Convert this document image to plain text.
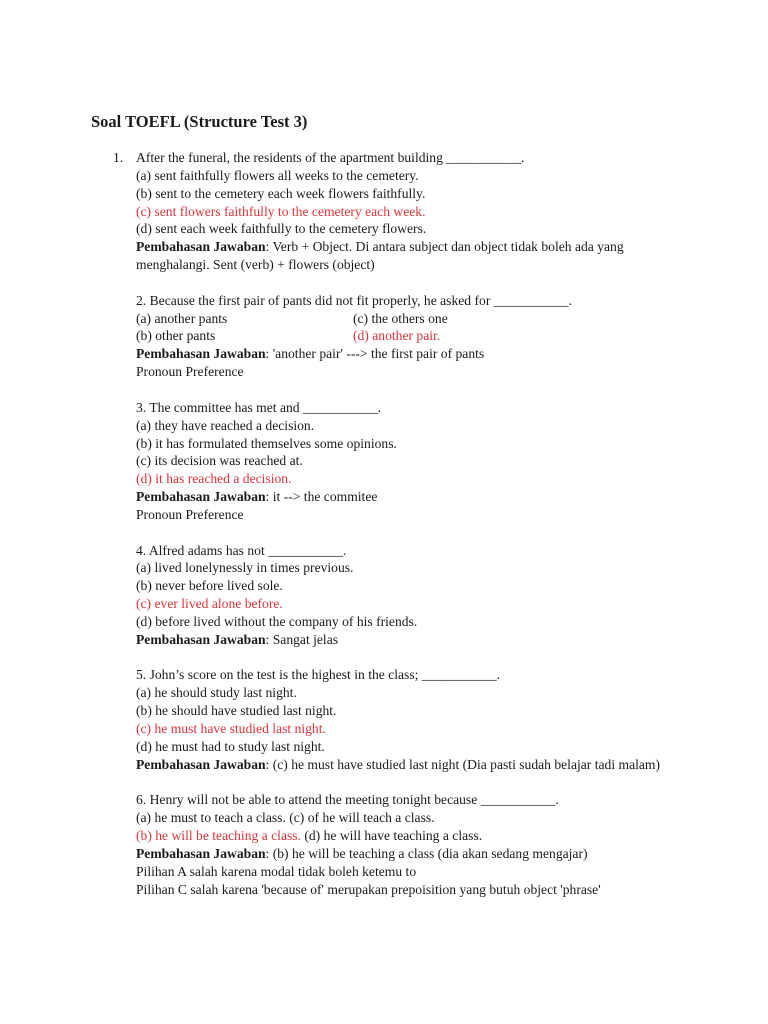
Soal TOEFL (Structure Test 3)
1. After the funeral, the residents of the apartment building ___________.
(a) sent faithfully flowers all weeks to the cemetery.
(b) sent to the cemetery each week flowers faithfully.
(c) sent flowers faithfully to the cemetery each week.
(d) sent each week faithfully to the cemetery flowers.
Pembahasan Jawaban: Verb + Object. Di antara subject dan object tidak boleh ada yang menghalangi. Sent (verb) + flowers (object)
2. Because the first pair of pants did not fit properly, he asked for ___________.
(a) another pants	(c) the others one
(b) other pants	(d) another pair.
Pembahasan Jawaban: 'another pair' ---> the first pair of pants
Pronoun Preference
3. The committee has met and ___________.
(a) they have reached a decision.
(b) it has formulated themselves some opinions.
(c) its decision was reached at.
(d) it has reached a decision.
Pembahasan Jawaban: it --> the commitee
Pronoun Preference
4. Alfred adams has not ___________.
(a) lived lonelynessly in times previous.
(b) never before lived sole.
(c) ever lived alone before.
(d) before lived without the company of his friends.
Pembahasan Jawaban: Sangat jelas
5. John’s score on the test is the highest in the class; ___________.
(a) he should study last night.
(b) he should have studied last night.
(c) he must have studied last night.
(d) he must had to study last night.
Pembahasan Jawaban: (c) he must have studied last night (Dia pasti sudah belajar tadi malam)
6. Henry will not be able to attend the meeting tonight because ___________.
(a) he must to teach a class. (c) of he will teach a class.
(b) he will be teaching a class. (d) he will have teaching a class.
Pembahasan Jawaban: (b) he will be teaching a class (dia akan sedang mengajar)
Pilihan A salah karena modal tidak boleh ketemu to
Pilihan C salah karena 'because of' merupakan prepoisition yang butuh object 'phrase'
